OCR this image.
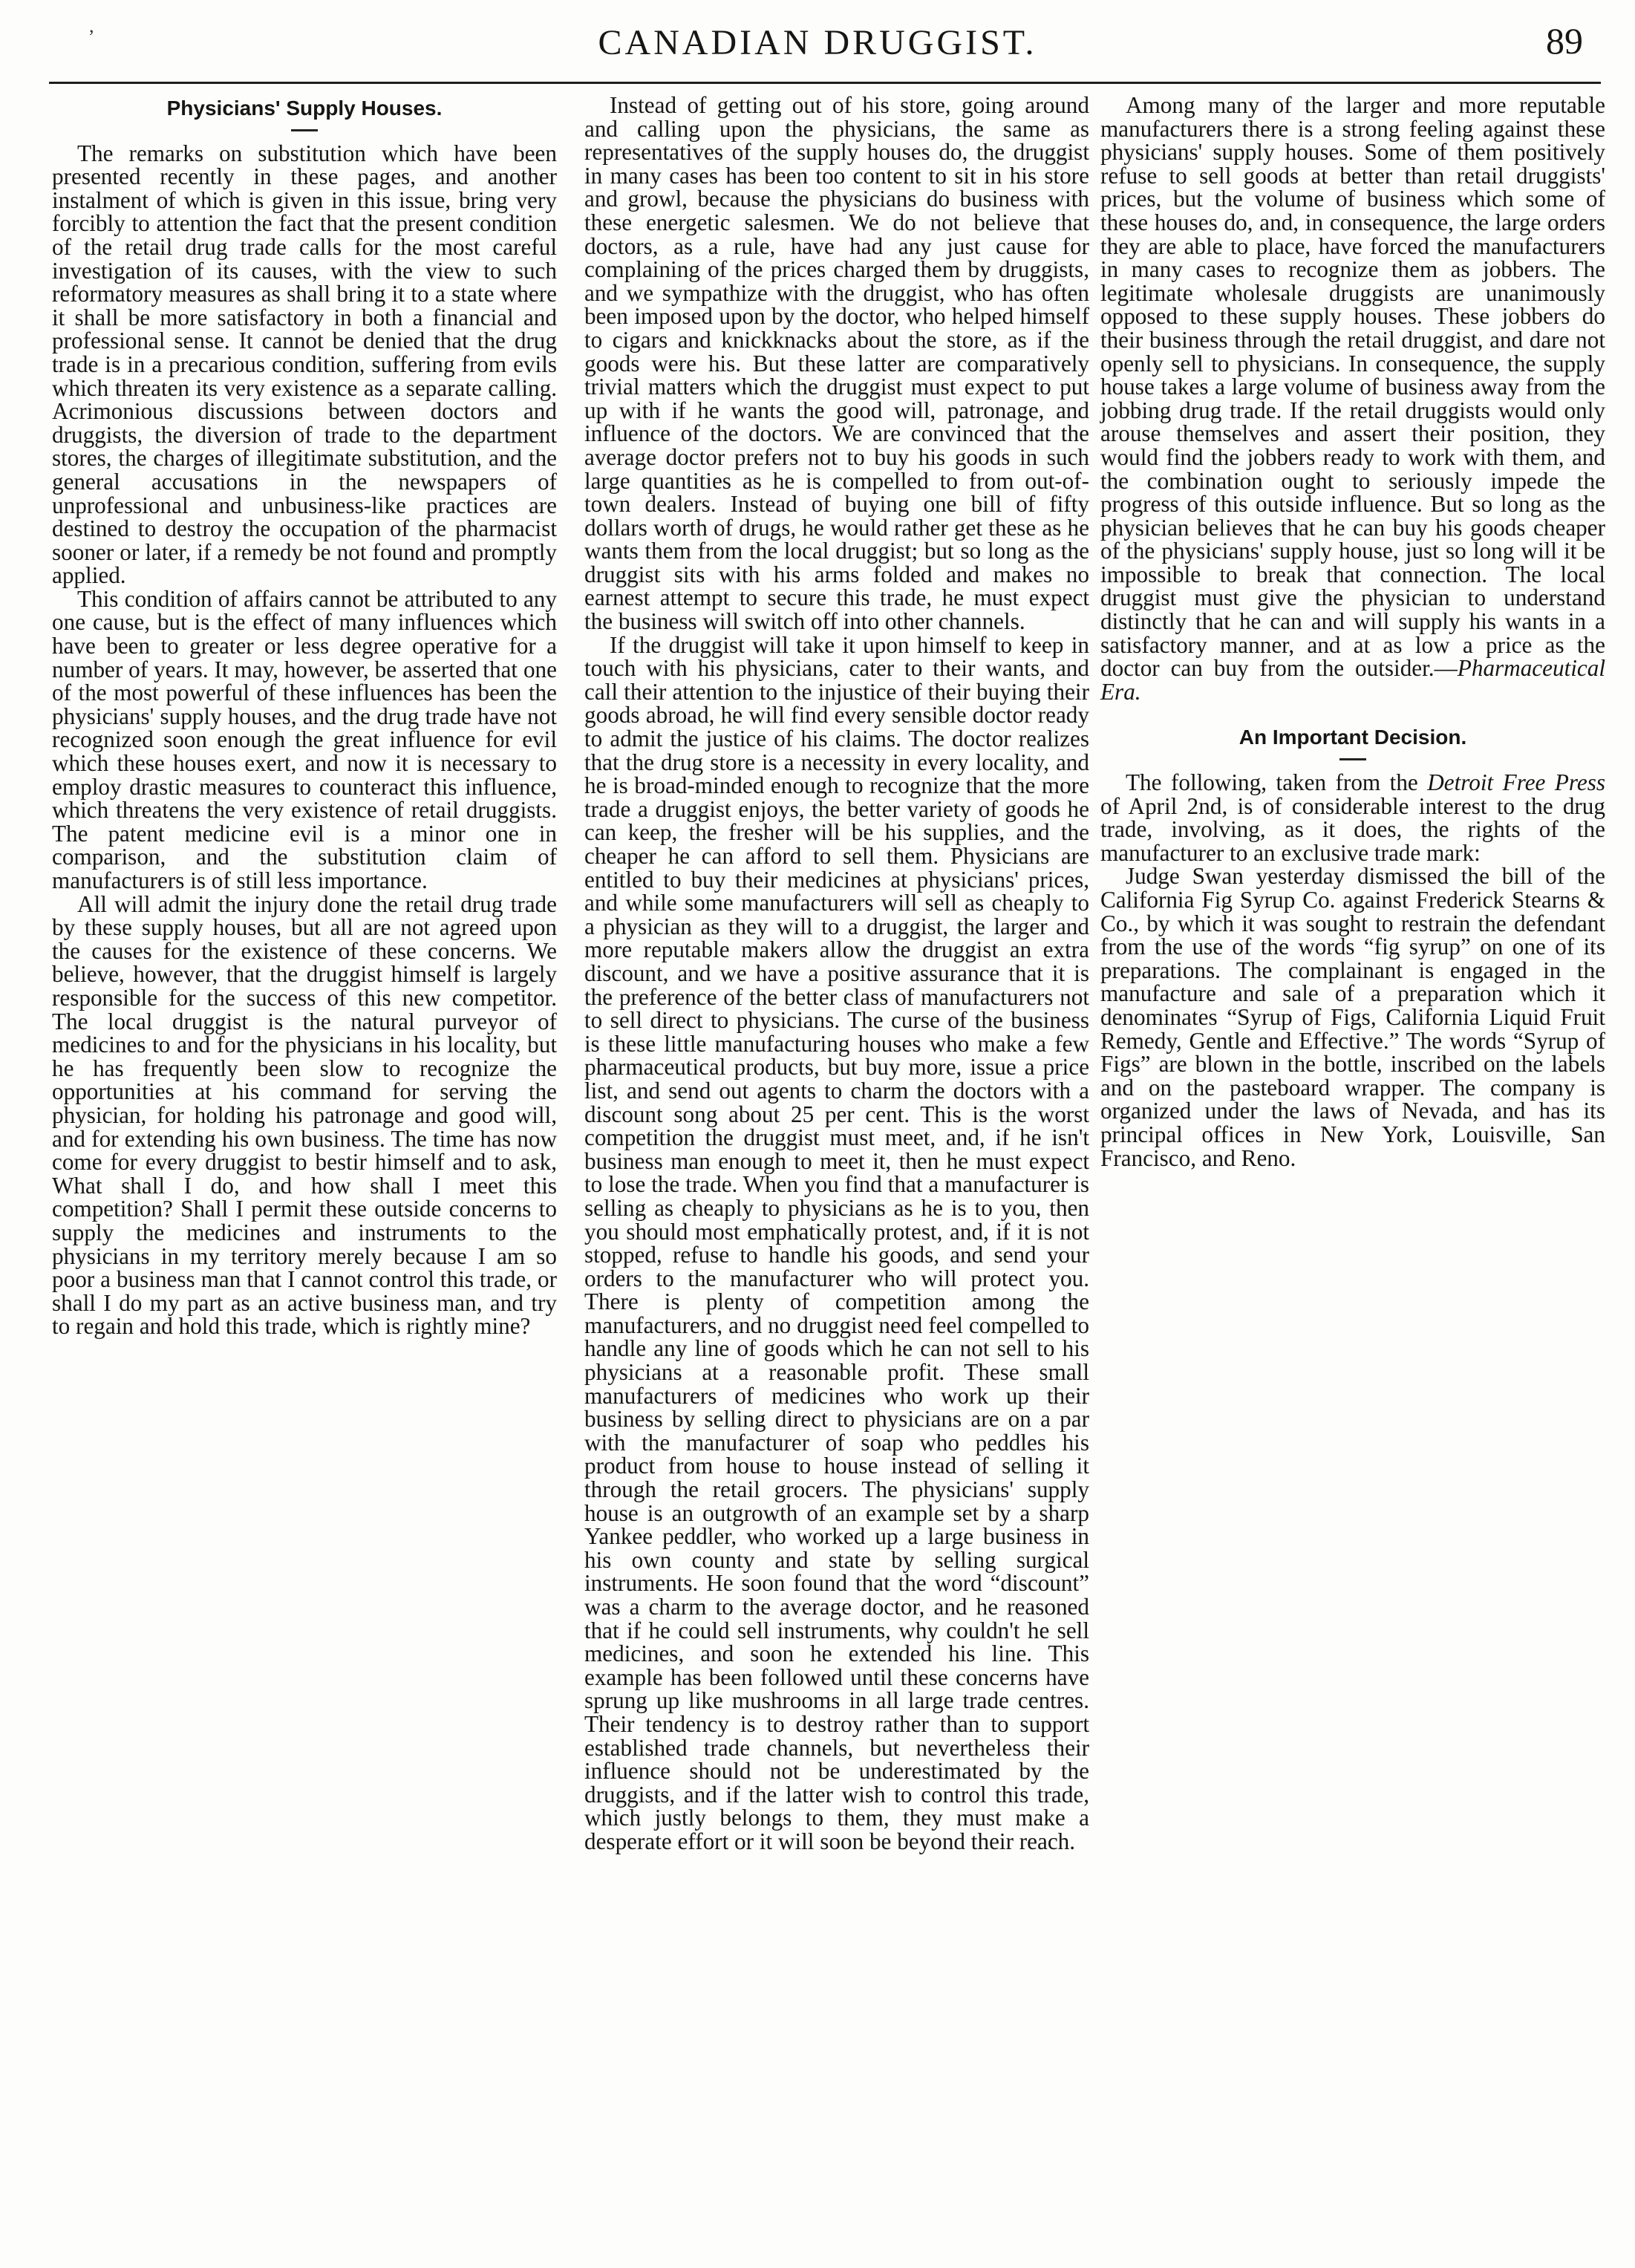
,	CANADIAN DRUGGIST.	89
Physicians' Supply Houses.

The remarks on substitution which have been presented recently in these pages, and another instalment of which is given in this issue, bring very forcibly to attention the fact that the present condition of the retail drug trade calls for the most careful investigation of its causes, with the view to such reformatory measures as shall bring it to a state where it shall be more satisfactory in both a financial and professional sense. It cannot be denied that the drug trade is in a precarious condition, suffering from evils which threaten its very existence as a separate calling. Acrimonious discussions between doctors and druggists, the diversion of trade to the department stores, the charges of illegitimate substitution, and the general accusations in the newspapers of unprofessional and unbusiness-like practices are destined to destroy the occupation of the pharmacist sooner or later, if a remedy be not found and promptly applied.

This condition of affairs cannot be attributed to any one cause, but is the effect of many influences which have been to greater or less degree operative for a number of years. It may, however, be asserted that one of the most powerful of these influences has been the physicians' supply houses, and the drug trade have not recognized soon enough the great influence for evil which these houses exert, and now it is necessary to employ drastic measures to counteract this influence, which threatens the very existence of retail druggists. The patent medicine evil is a minor one in comparison, and the substitution claim of manufacturers is of still less importance.

All will admit the injury done the retail drug trade by these supply houses, but all are not agreed upon the causes for the existence of these concerns. We believe, however, that the druggist himself is largely responsible for the success of this new competitor. The local druggist is the natural purveyor of medicines to and for the physicians in his locality, but he has frequently been slow to recognize the opportunities at his command for serving the physician, for holding his patronage and good will, and for extending his own business. The time has now come for every druggist to bestir himself and to ask, What shall I do, and how shall I meet this competition? Shall I permit these outside concerns to supply the medicines and instruments to the physicians in my territory merely because I am so poor a business man that I cannot control this trade, or shall I do my part as an active business man, and try to regain and hold this trade, which is rightly mine?

Instead of getting out of his store, going around and calling upon the physicians, the same as representatives of the supply houses do, the druggist in many cases has been too content to sit in his store and growl, because the physicians do business with these energetic salesmen. We do not believe that doctors, as a rule, have had any just cause for complaining of the prices charged them by druggists, and we sympathize with the druggist, who has often been imposed upon by the doctor, who helped himself to cigars and knickknacks about the store, as if the goods were his. But these latter are comparatively trivial matters which the druggist must expect to put up with if he wants the good will, patronage, and influence of the doctors. We are convinced that the average doctor prefers not to buy his goods in such large quantities as he is compelled to from out-of-town dealers. Instead of buying one bill of fifty dollars worth of drugs, he would rather get these as he wants them from the local druggist; but so long as the druggist sits with his arms folded and makes no earnest attempt to secure this trade, he must expect the business will switch off into other channels.

If the druggist will take it upon himself to keep in touch with his physicians, cater to their wants, and call their attention to the injustice of their buying their goods abroad, he will find every sensible doctor ready to admit the justice of his claims. The doctor realizes that the drug store is a necessity in every locality, and he is broad-minded enough to recognize that the more trade a druggist enjoys, the better variety of goods he can keep, the fresher will be his supplies, and the cheaper he can afford to sell them. Physicians are entitled to buy their medicines at physicians' prices, and while some manufacturers will sell as cheaply to a physician as they will to a druggist, the larger and more reputable makers allow the druggist an extra discount, and we have a positive assurance that it is the preference of the better class of manufacturers not to sell direct to physicians. The curse of the business is these little manufacturing houses who make a few pharmaceutical products, but buy more, issue a price list, and send out agents to charm the doctors with a discount song about 25 per cent. This is the worst competition the druggist must meet, and, if he isn't business man enough to meet it, then he must expect to lose the trade. When you find that a manufacturer is selling as cheaply to physicians as he is to you, then you should most emphatically protest, and, if it is not stopped, refuse to handle his goods, and send your orders to the manufacturer who will protect you. There is plenty of competition among the manufacturers, and no druggist need feel compelled to handle any line of goods which he can not sell to his physicians at a reasonable profit. These small manufacturers of medicines who work up their business by selling direct to physicians are on a par with the manufacturer of soap who peddles his product from house to house instead of selling it through the retail grocers. The physicians' supply house is an outgrowth of an example set by a sharp Yankee peddler, who worked up a large business in his own county and state by selling surgical instruments. He soon found that the word “discount” was a charm to the average doctor, and he reasoned that if he could sell instruments, why couldn't he sell medicines, and soon he extended his line. This example has been followed until these concerns have sprung up like mushrooms in all large trade centres. Their tendency is to destroy rather than to support established trade channels, but nevertheless their influence should not be underestimated by the druggists, and if the latter wish to control this trade, which justly belongs to them, they must make a desperate effort or it will soon be beyond their reach.

Among many of the larger and more reputable manufacturers there is a strong feeling against these physicians' supply houses. Some of them positively refuse to sell goods at better than retail druggists' prices, but the volume of business which some of these houses do, and, in consequence, the large orders they are able to place, have forced the manufacturers in many cases to recognize them as jobbers. The legitimate wholesale druggists are unanimously opposed to these supply houses. These jobbers do their business through the retail druggist, and dare not openly sell to physicians. In consequence, the supply house takes a large volume of business away from the jobbing drug trade. If the retail druggists would only arouse themselves and assert their position, they would find the jobbers ready to work with them, and the combination ought to seriously impede the progress of this outside influence. But so long as the physician believes that he can buy his goods cheaper of the physicians' supply house, just so long will it be impossible to break that connection. The local druggist must give the physician to understand distinctly that he can and will supply his wants in a satisfactory manner, and at as low a price as the doctor can buy from the outsider.—Pharmaceutical Era.

An Important Decision.

The following, taken from the Detroit Free Press of April 2nd, is of considerable interest to the drug trade, involving, as it does, the rights of the manufacturer to an exclusive trade mark:

Judge Swan yesterday dismissed the bill of the California Fig Syrup Co. against Frederick Stearns & Co., by which it was sought to restrain the defendant from the use of the words “fig syrup” on one of its preparations. The complainant is engaged in the manufacture and sale of a preparation which it denominates “Syrup of Figs, California Liquid Fruit Remedy, Gentle and Effective.” The words “Syrup of Figs” are blown in the bottle, inscribed on the labels and on the pasteboard wrapper. The company is organized under the laws of Nevada, and has its principal offices in New York, Louisville, San Francisco, and Reno.
